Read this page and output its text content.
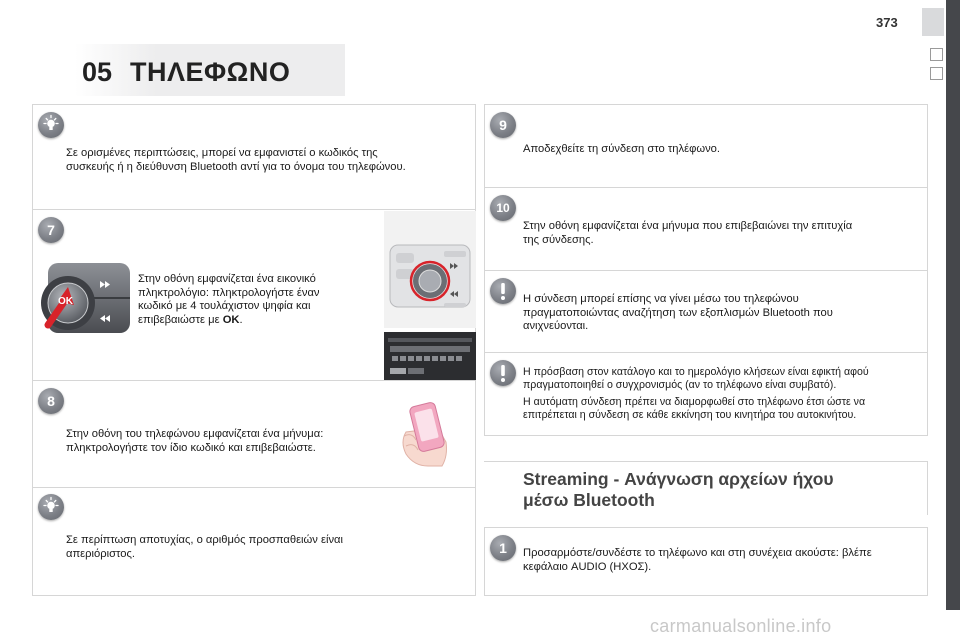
373
05 ΤΗΛΕΦΩΝΟ
Σε ορισμένες περιπτώσεις, μπορεί να εμφανιστεί ο κωδικός της
συσκευής ή η διεύθυνση Bluetooth αντί για το όνομα του τηλεφώνου.
7
OK
Στην οθόνη εμφανίζεται ένα εικονικό
πληκτρολόγιο: πληκτρολογήστε έναν
κωδικό με 4 τουλάχιστον ψηφία και
επιβεβαιώστε με OK.
8
Στην οθόνη του τηλεφώνου εμφανίζεται ένα μήνυμα:
πληκτρολογήστε τον ίδιο κωδικό και επιβεβαιώστε.
Σε περίπτωση αποτυχίας, ο αριθμός προσπαθειών είναι
απεριόριστος.
9
Αποδεχθείτε τη σύνδεση στο τηλέφωνο.
10
Στην οθόνη εμφανίζεται ένα μήνυμα που επιβεβαιώνει την επιτυχία
της σύνδεσης.
Η σύνδεση μπορεί επίσης να γίνει μέσω του τηλεφώνου
πραγματοποιώντας αναζήτηση των εξοπλισμών Bluetooth που
ανιχνεύονται.
Η πρόσβαση στον κατάλογο και το ημερολόγιο κλήσεων είναι εφικτή αφού
πραγματοποιηθεί ο συγχρονισμός (αν το τηλέφωνο είναι συμβατό).
Η αυτόματη σύνδεση πρέπει να διαμορφωθεί στο τηλέφωνο έτσι ώστε να
επιτρέπεται η σύνδεση σε κάθε εκκίνηση του κινητήρα του αυτοκινήτου.
Streaming - Ανάγνωση αρχείων ήχου
μέσω Bluetooth
1	Προσαρμόστε/συνδέστε το τηλέφωνο και στη συνέχεια ακούστε: βλέπε
κεφάλαιο AUDIO (ΗΧΟΣ).
carmanualsonline.info
